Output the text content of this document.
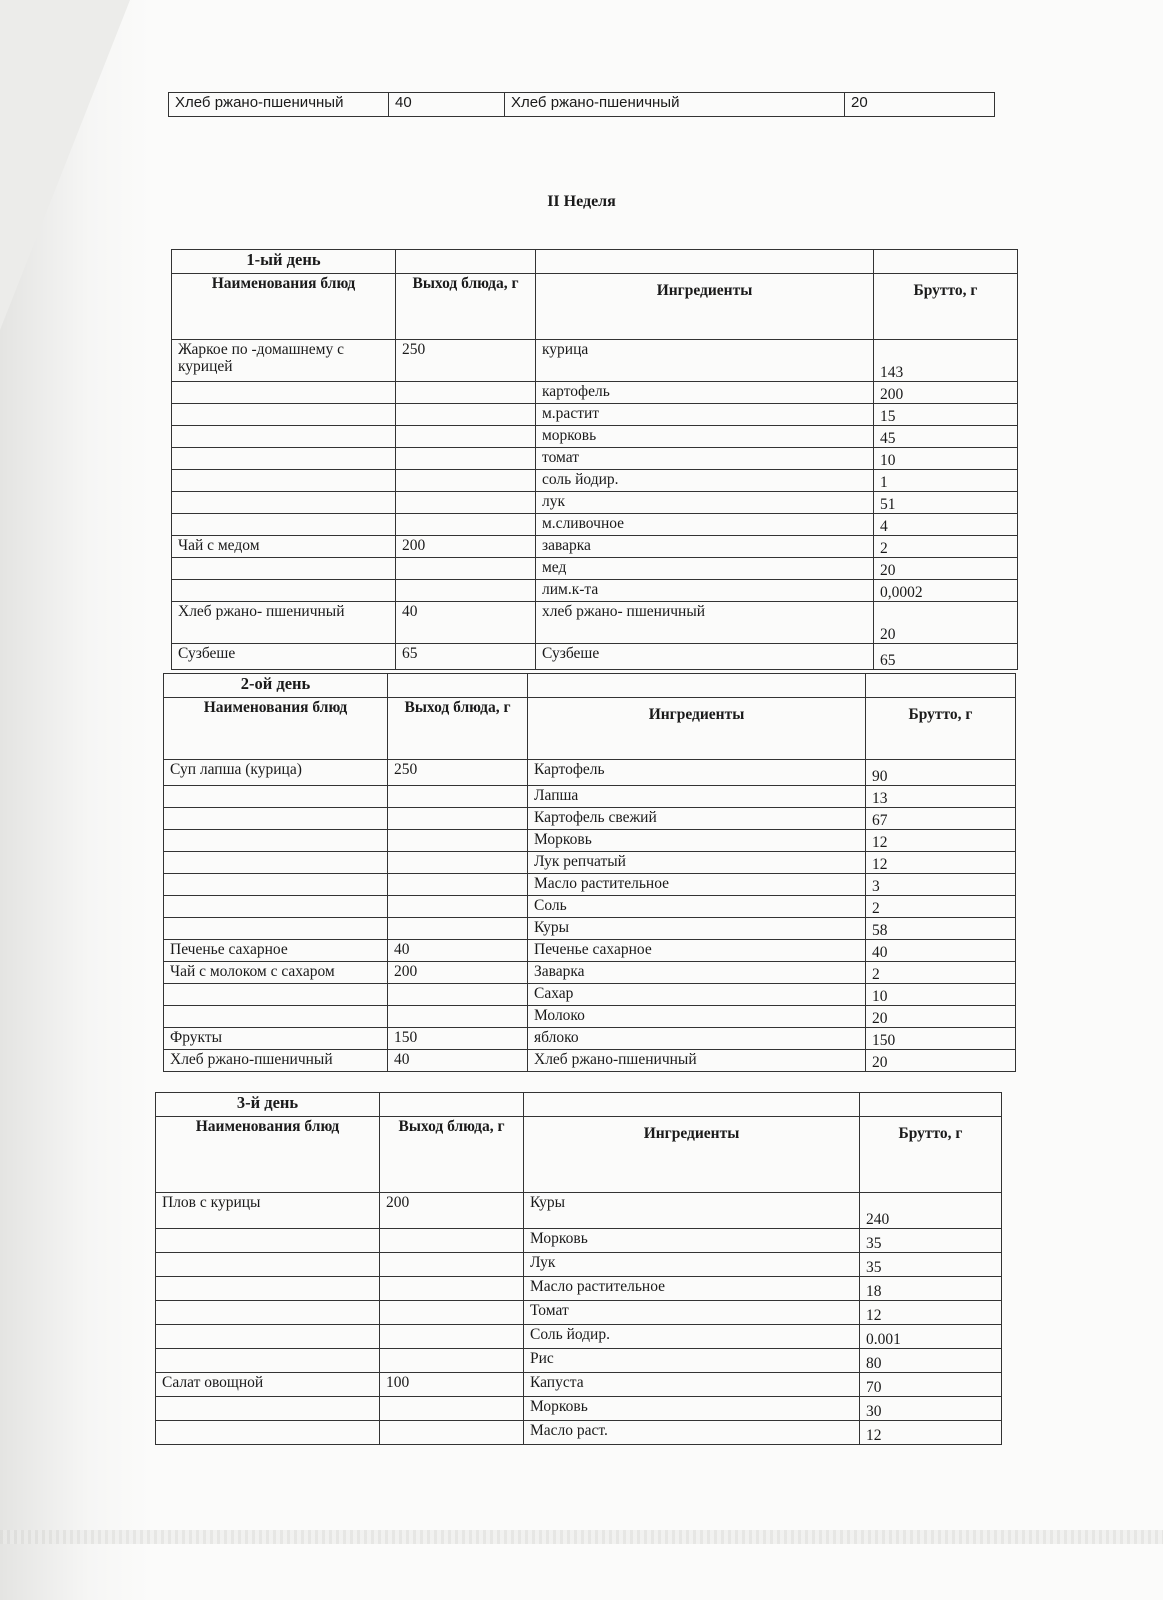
Хлеб ржано-пшеничный	40	Хлеб ржано-пшеничный	20
II Неделя
1-ый день			
Наименования блюд	Выход блюда, г	Ингредиенты	Брутто, г
Жаркое по -домашнему с курицей	250	курица	143
		картофель	200
		м.растит	15
		морковь	45
		томат	10
		соль йодир.	1
		лук	51
		м.сливочное	4
Чай с медом	200	заварка	2
		мед	20
		лим.к-та	0,0002
Хлеб ржано- пшеничный	40	хлеб ржано- пшеничный	20
Сузбеше	65	Сузбеше	65
2-ой день			
Наименования блюд	Выход блюда, г	Ингредиенты	Брутто, г
Суп лапша (курица)	250	Картофель	90
		Лапша	13
		Картофель свежий	67
		Морковь	12
		Лук репчатый	12
		Масло растительное	3
		Соль	2
		Куры	58
Печенье сахарное	40	Печенье сахарное	40
Чай с молоком с сахаром	200	Заварка	2
		Сахар	10
		Молоко	20
Фрукты	150	яблоко	150
Хлеб ржано-пшеничный	40	Хлеб ржано-пшеничный	20
3-й день			
Наименования блюд	Выход блюда, г	Ингредиенты	Брутто, г
Плов с курицы	200	Куры	240
		Морковь	35
		Лук	35
		Масло растительное	18
		Томат	12
		Соль йодир.	0.001
		Рис	80
Салат овощной	100	Капуста	70
		Морковь	30
		Масло раст.	12
